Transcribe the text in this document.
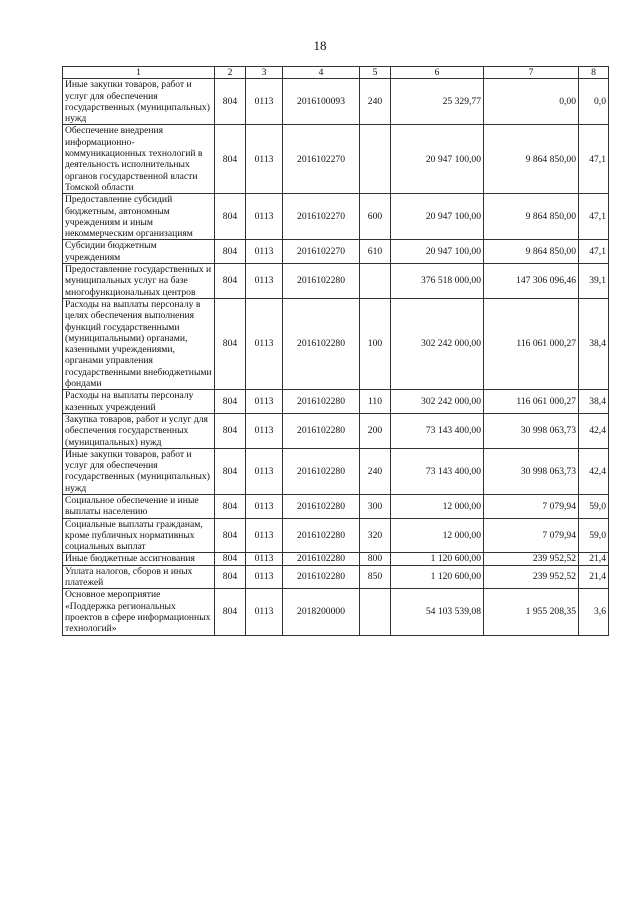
18
1	2	3	4	5	6	7	8
Иные закупки товаров, работ и услуг для обеспечения государственных (муниципальных) нужд	804	0113	2016100093	240	25 329,77	0,00	0,0
Обеспечение внедрения информационно-коммуникационных технологий в деятельность исполнительных органов государственной власти Томской области	804	0113	2016102270		20 947 100,00	9 864 850,00	47,1
Предоставление субсидий бюджетным, автономным учреждениям и иным некоммерческим организациям	804	0113	2016102270	600	20 947 100,00	9 864 850,00	47,1
Субсидии бюджетным учреждениям	804	0113	2016102270	610	20 947 100,00	9 864 850,00	47,1
Предоставление государственных и муниципальных услуг на базе многофункциональных центров	804	0113	2016102280		376 518 000,00	147 306 096,46	39,1
Расходы на выплаты персоналу в целях обеспечения выполнения функций государственными (муниципальными) органами, казенными учреждениями, органами управления государственными внебюджетными фондами	804	0113	2016102280	100	302 242 000,00	116 061 000,27	38,4
Расходы на выплаты персоналу казенных учреждений	804	0113	2016102280	110	302 242 000,00	116 061 000,27	38,4
Закупка товаров, работ и услуг для обеспечения государственных (муниципальных) нужд	804	0113	2016102280	200	73 143 400,00	30 998 063,73	42,4
Иные закупки товаров, работ и услуг для обеспечения государственных (муниципальных) нужд	804	0113	2016102280	240	73 143 400,00	30 998 063,73	42,4
Социальное обеспечение и иные выплаты населению	804	0113	2016102280	300	12 000,00	7 079,94	59,0
Социальные выплаты гражданам, кроме публичных нормативных социальных выплат	804	0113	2016102280	320	12 000,00	7 079,94	59,0
Иные бюджетные ассигнования	804	0113	2016102280	800	1 120 600,00	239 952,52	21,4
Уплата налогов, сборов и иных платежей	804	0113	2016102280	850	1 120 600,00	239 952,52	21,4
Основное мероприятие «Поддержка региональных проектов в сфере информационных технологий»	804	0113	2018200000		54 103 539,08	1 955 208,35	3,6
